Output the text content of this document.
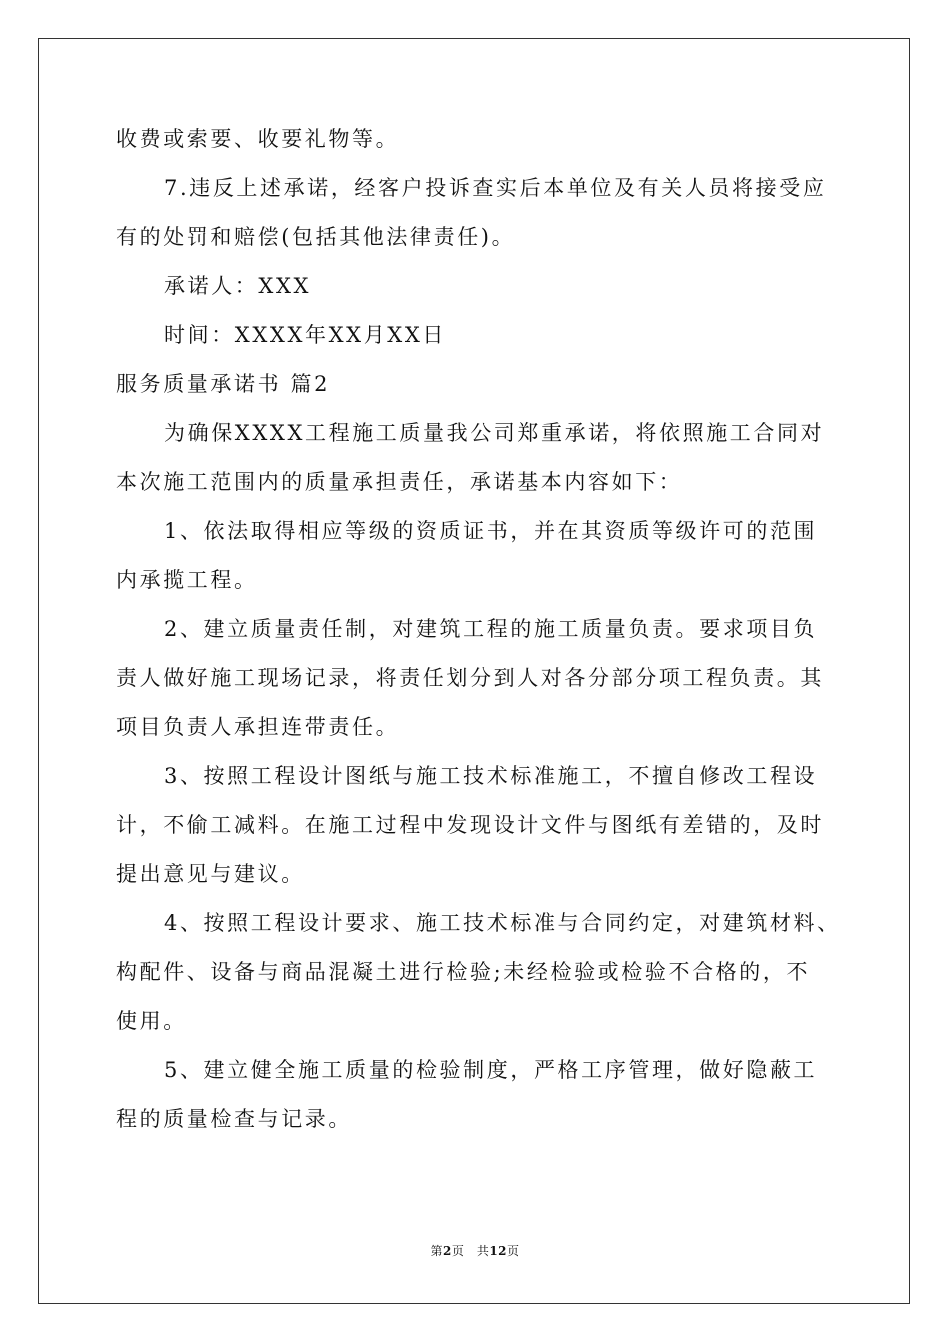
收费或索要、收要礼物等。

7.违反上述承诺，经客户投诉查实后本单位及有关人员将接受应

有的处罚和赔偿(包括其他法律责任)。

承诺人：XXX

时间：XXXX年XX月XX日

服务质量承诺书 篇2

为确保XXXX工程施工质量我公司郑重承诺，将依照施工合同对

本次施工范围内的质量承担责任，承诺基本内容如下：

1、依法取得相应等级的资质证书，并在其资质等级许可的范围

内承揽工程。

2、建立质量责任制，对建筑工程的施工质量负责。要求项目负

责人做好施工现场记录，将责任划分到人对各分部分项工程负责。其

项目负责人承担连带责任。

3、按照工程设计图纸与施工技术标准施工，不擅自修改工程设

计，不偷工减料。在施工过程中发现设计文件与图纸有差错的，及时

提出意见与建议。

4、按照工程设计要求、施工技术标准与合同约定，对建筑材料、

构配件、设备与商品混凝土进行检验;未经检验或检验不合格的，不

使用。

5、建立健全施工质量的检验制度，严格工序管理，做好隐蔽工

程的质量检查与记录。

第2页　共12页
